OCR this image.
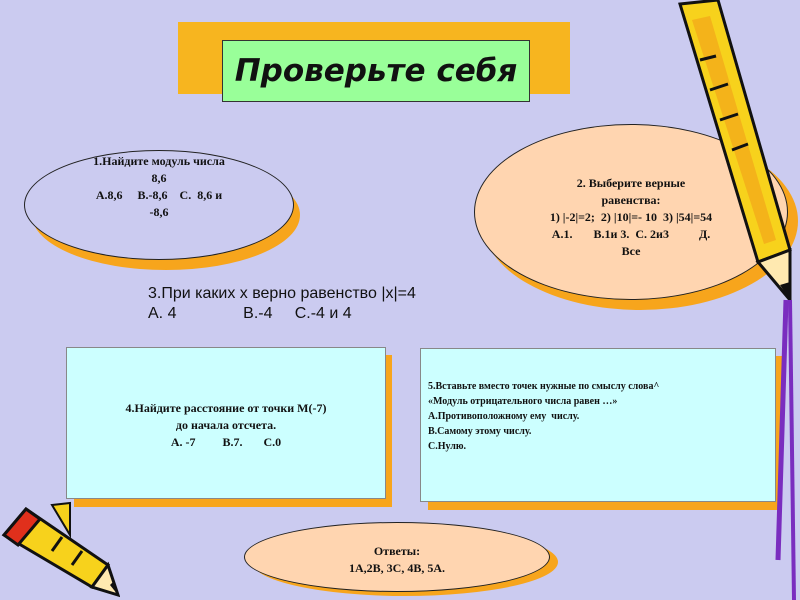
Проверьте себя
1.Найдите модуль числа
8,6
А.8,6     В.-8,6    С.  8,6 и
-8,6
2. Выберите верные
равенства:
1) |-2|=2;  2) |10|=- 10  3) |54|=54
А.1.       В.1и 3.  С. 2и3          Д.
Все
3.При каких х верно равенство |x|=4
А. 4               В.-4     С.-4 и 4
4.Найдите расстояние от точки М(-7)
до начала отсчета.
А. -7         В.7.       С.0
5.Вставьте вместо точек нужные по смыслу слова^
«Модуль отрицательного числа равен …»
А.Противоположному ему  числу.
В.Самому этому числу.
С.Нулю.
Ответы:
1А,2В, 3С, 4В, 5А.
